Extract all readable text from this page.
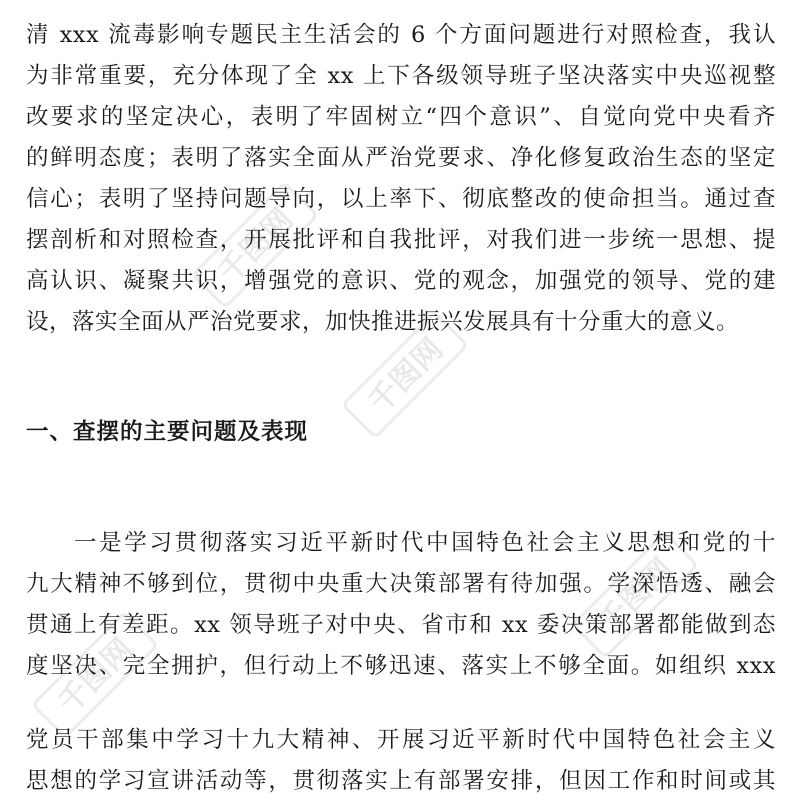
千图网
千图网
千图网
千图网
清 xxx 流毒影响专题民主生活会的 6 个方面问题进行对照检查，我认
为非常重要，充分体现了全 xx 上下各级领导班子坚决落实中央巡视整
改要求的坚定决心，表明了牢固树立“四个意识”、自觉向党中央看齐
的鲜明态度；表明了落实全面从严治党要求、净化修复政治生态的坚定
信心；表明了坚持问题导向，以上率下、彻底整改的使命担当。通过查
摆剖析和对照检查，开展批评和自我批评，对我们进一步统一思想、提
高认识、凝聚共识，增强党的意识、党的观念，加强党的领导、党的建
设，落实全面从严治党要求，加快推进振兴发展具有十分重大的意义。
一、查摆的主要问题及表现
一是学习贯彻落实习近平新时代中国特色社会主义思想和党的十
九大精神不够到位，贯彻中央重大决策部署有待加强。学深悟透、融会
贯通上有差距。xx 领导班子对中央、省市和 xx 委决策部署都能做到态
度坚决、完全拥护，但行动上不够迅速、落实上不够全面。如组织 xxx
党员干部集中学习十九大精神、开展习近平新时代中国特色社会主义
思想的学习宣讲活动等，贯彻落实上有部署安排，但因工作和时间或其
